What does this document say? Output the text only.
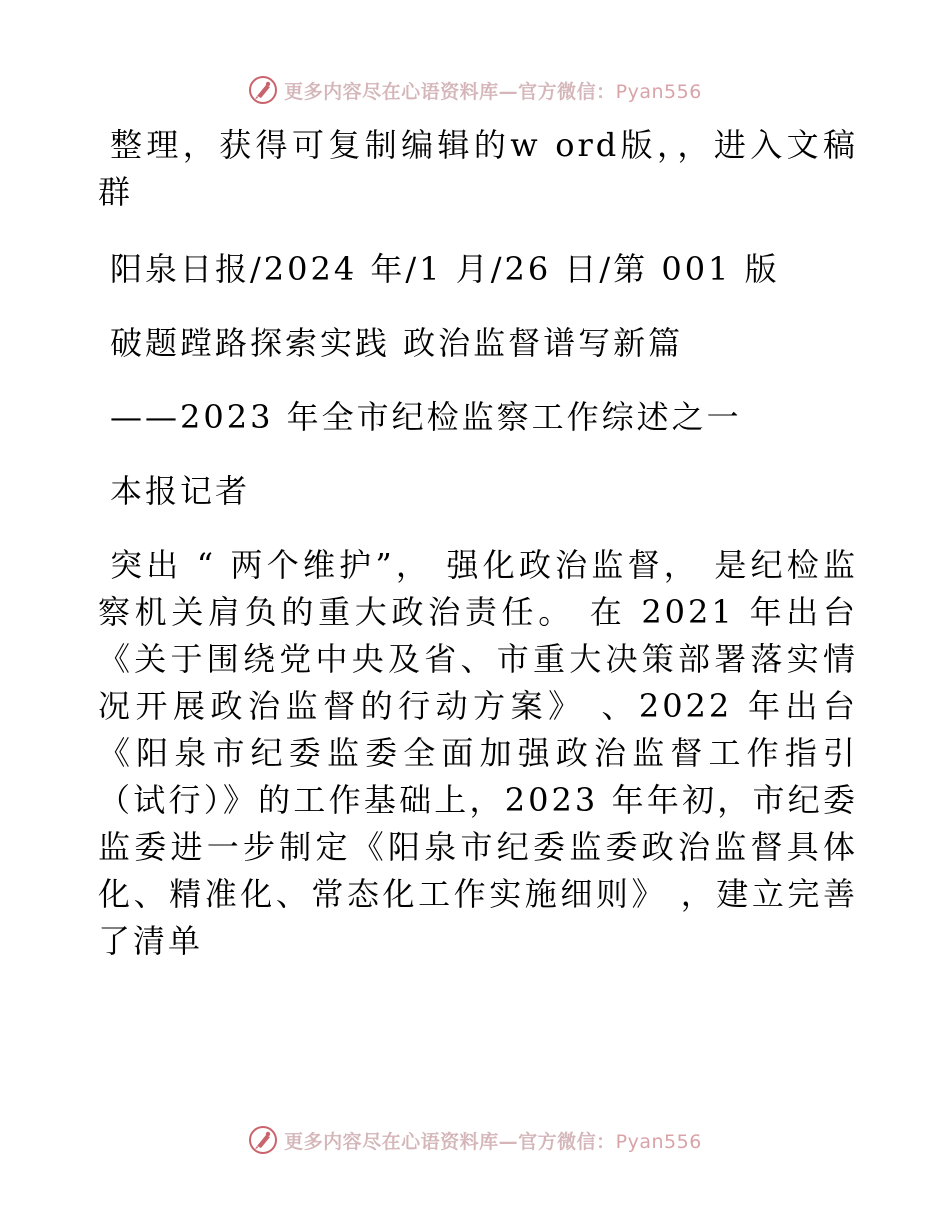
更多内容尽在心语资料库—官方微信：Pyan556

整理，获得可复制编辑的w ord版，，进入文稿群

阳泉日报/2024 年/1 月/26 日/第 001 版

破题蹚路探索实践 政治监督谱写新篇

——2023 年全市纪检监察工作综述之一

本报记者

突出 “ 两个维护”， 强化政治监督， 是纪检监察机关肩负的重大政治责任。 在 2021 年出台《关于围绕党中央及省、市重大决策部署落实情况开展政治监督的行动方案》 、2022 年出台《阳泉市纪委监委全面加强政治监督工作指引（试行）》的工作基础上，2023 年年初，市纪委监委进一步制定《阳泉市纪委监委政治监督具体化、精准化、常态化工作实施细则》 ，建立完善了清单

更多内容尽在心语资料库—官方微信：Pyan556
